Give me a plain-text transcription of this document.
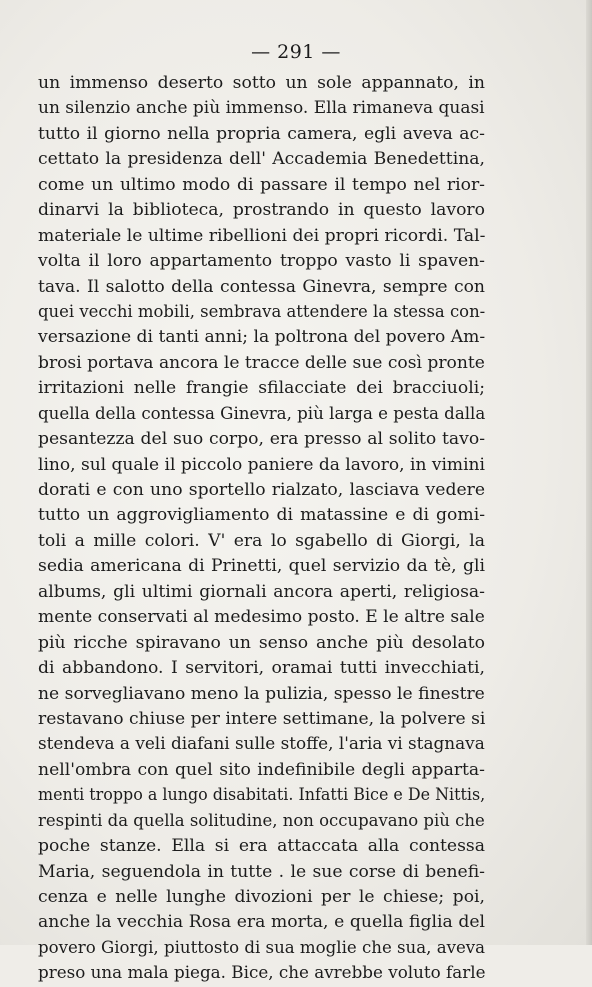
— 291 —
un immenso deserto sotto un sole appannato, in
un silenzio anche più immenso. Ella rimaneva quasi
tutto il giorno nella propria camera, egli aveva ac-
cettato la presidenza dell' Accademia Benedettina,
come un ultimo modo di passare il tempo nel rior-
dinarvi la biblioteca, prostrando in questo lavoro
materiale le ultime ribellioni dei propri ricordi. Tal-
volta il loro appartamento troppo vasto li spaven-
tava. Il salotto della contessa Ginevra, sempre con
quei vecchi mobili, sembrava attendere la stessa con-
versazione di tanti anni; la poltrona del povero Am-
brosi portava ancora le tracce delle sue così pronte
irritazioni nelle frangie sfilacciate dei bracciuoli;
quella della contessa Ginevra, più larga e pesta dalla
pesantezza del suo corpo, era presso al solito tavo-
lino, sul quale il piccolo paniere da lavoro, in vimini
dorati e con uno sportello rialzato, lasciava vedere
tutto un aggrovigliamento di matassine e di gomi-
toli a mille colori. V' era lo sgabello di Giorgi, la
sedia americana di Prinetti, quel servizio da tè, gli
albums, gli ultimi giornali ancora aperti, religiosa-
mente conservati al medesimo posto. E le altre sale
più ricche spiravano un senso anche più desolato
di abbandono. I servitori, oramai tutti invecchiati,
ne sorvegliavano meno la pulizia, spesso le finestre
restavano chiuse per intere settimane, la polvere si
stendeva a veli diafani sulle stoffe, l'aria vi stagnava
nell'ombra con quel sito indefinibile degli apparta-
menti troppo a lungo disabitati. Infatti Bice e De Nittis,
respinti da quella solitudine, non occupavano più che
poche stanze. Ella si era attaccata alla contessa
Maria, seguendola in tutte . le sue corse di benefi-
cenza e nelle lunghe divozioni per le chiese; poi,
anche la vecchia Rosa era morta, e quella figlia del
povero Giorgi, piuttosto di sua moglie che sua, aveva
preso una mala piega. Bice, che avrebbe voluto farle
